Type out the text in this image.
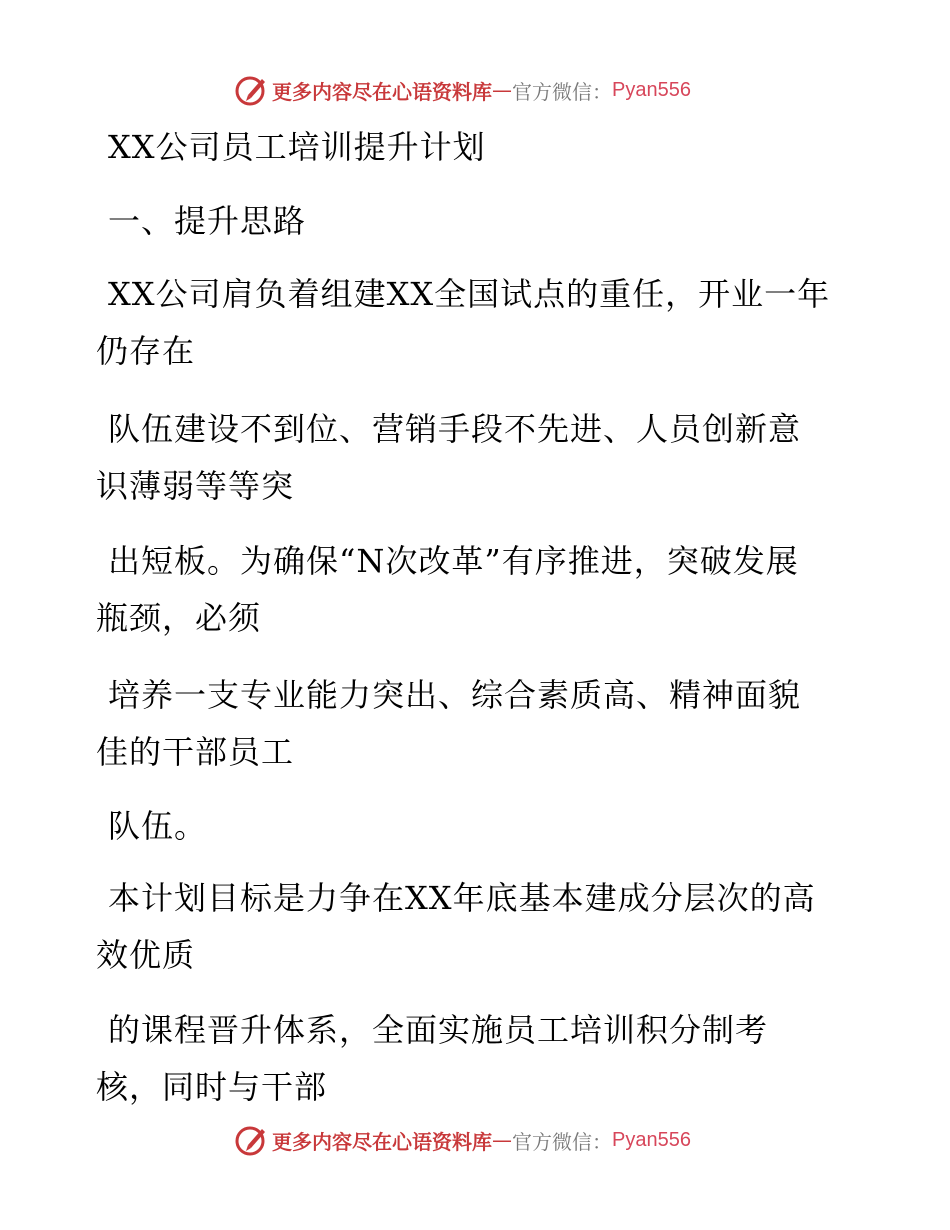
更多内容尽在心语资料库 — 官方微信： Pyan556
XX公司员工培训提升计划
一、提升思路
XX公司肩负着组建XX全国试点的重任，开业一年
仍存在
队伍建设不到位、营销手段不先进、人员创新意
识薄弱等等突
出短板。为确保“N次改革”有序推进，突破发展
瓶颈，必须
培养一支专业能力突出、综合素质高、精神面貌
佳的干部员工
队伍。
本计划目标是力争在XX年底基本建成分层次的高
效优质
的课程晋升体系，全面实施员工培训积分制考
核，同时与干部
更多内容尽在心语资料库 — 官方微信： Pyan556
